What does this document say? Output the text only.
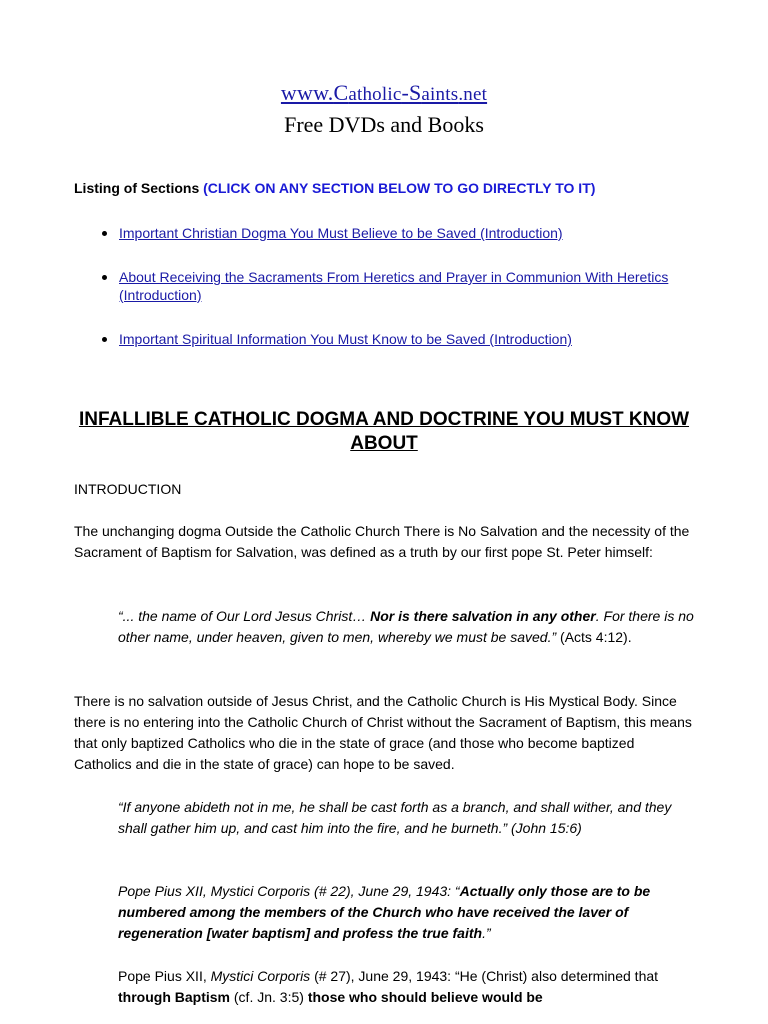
www.Catholic-Saints.net
Free DVDs and Books
Listing of Sections (CLICK ON ANY SECTION BELOW TO GO DIRECTLY TO IT)
Important Christian Dogma You Must Believe to be Saved (Introduction)
About Receiving the Sacraments From Heretics and Prayer in Communion With Heretics (Introduction)
Important Spiritual Information You Must Know to be Saved (Introduction)
INFALLIBLE CATHOLIC DOGMA AND DOCTRINE YOU MUST KNOW ABOUT

INTRODUCTION

The unchanging dogma Outside the Catholic Church There is No Salvation and the necessity of the Sacrament of Baptism for Salvation, was defined as a truth by our first pope St. Peter himself:

“... the name of Our Lord Jesus Christ… Nor is there salvation in any other. For there is no other name, under heaven, given to men, whereby we must be saved.” (Acts 4:12).

There is no salvation outside of Jesus Christ, and the Catholic Church is His Mystical Body. Since there is no entering into the Catholic Church of Christ without the Sacrament of Baptism, this means that only baptized Catholics who die in the state of grace (and those who become baptized Catholics and die in the state of grace) can hope to be saved.

“If anyone abideth not in me, he shall be cast forth as a branch, and shall wither, and they shall gather him up, and cast him into the fire, and he burneth.” (John 15:6)

Pope Pius XII, Mystici Corporis (# 22), June 29, 1943: “Actually only those are to be numbered among the members of the Church who have received the laver of regeneration [water baptism] and profess the true faith.”

Pope Pius XII, Mystici Corporis (# 27), June 29, 1943: “He (Christ) also determined that through Baptism (cf. Jn. 3:5) those who should believe would be
